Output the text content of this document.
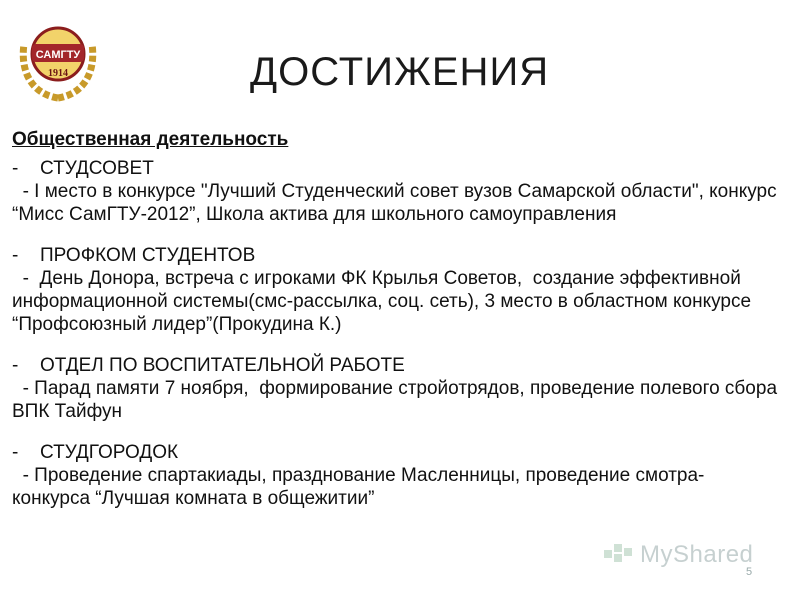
САМГТУ
1914	ДОСТИЖЕНИЯ
Общественная деятельность
-	СТУДСОВЕТ
- I место в конкурсе "Лучший Студенческий совет вузов Самарской области", конкурс “Мисс СамГТУ-2012”, Школа актива для школьного самоуправления
-	ПРОФКОМ СТУДЕНТОВ
-  День Донора, встреча с игроками ФК Крылья Советов,  создание эффективной информационной системы(смс-рассылка, соц. сеть), 3 место в областном конкурсе “Профсоюзный лидер”(Прокудина К.)
-	ОТДЕЛ ПО ВОСПИТАТЕЛЬНОЙ РАБОТЕ
- Парад памяти 7 ноября,  формирование стройотрядов, проведение полевого сбора ВПК Тайфун
-	СТУДГОРОДОК
- Проведение спартакиады, празднование Масленницы, проведение смотра-конкурса “Лучшая комната в общежитии”
MyShared
5
